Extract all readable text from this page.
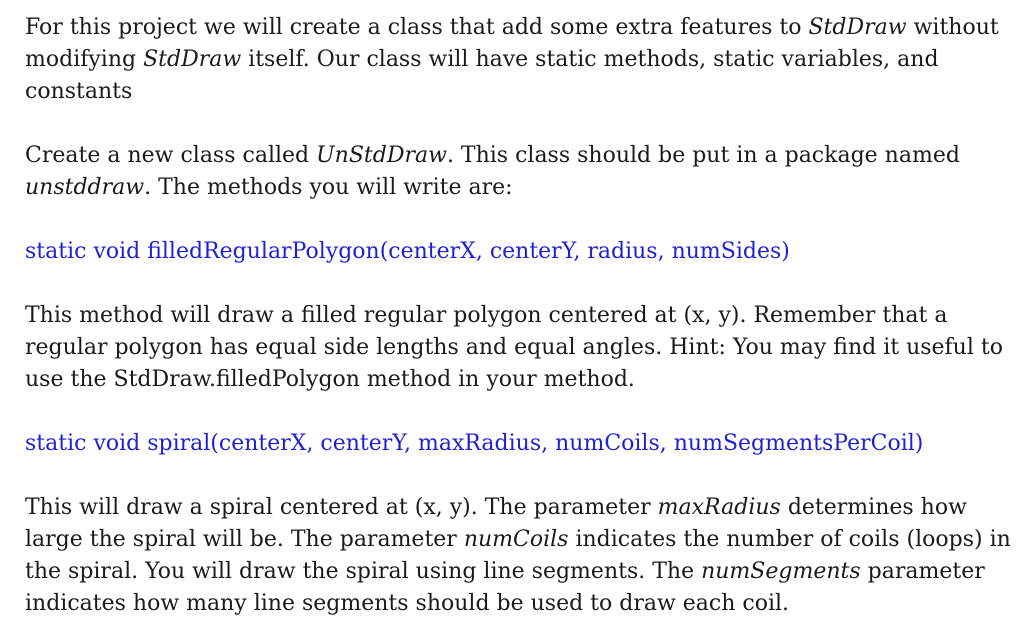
For this project we will create a class that add some extra features to StdDraw without modifying StdDraw itself. Our class will have static methods, static variables, and constants

Create a new class called UnStdDraw. This class should be put in a package named unstddraw. The methods you will write are:

static void filledRegularPolygon(centerX, centerY, radius, numSides)

This method will draw a filled regular polygon centered at (x, y). Remember that a regular polygon has equal side lengths and equal angles. Hint: You may find it useful to use the StdDraw.filledPolygon method in your method.

static void spiral(centerX, centerY, maxRadius, numCoils, numSegmentsPerCoil)

This will draw a spiral centered at (x, y). The parameter maxRadius determines how large the spiral will be. The parameter numCoils indicates the number of coils (loops) in the spiral. You will draw the spiral using line segments. The numSegments parameter indicates how many line segments should be used to draw each coil.
